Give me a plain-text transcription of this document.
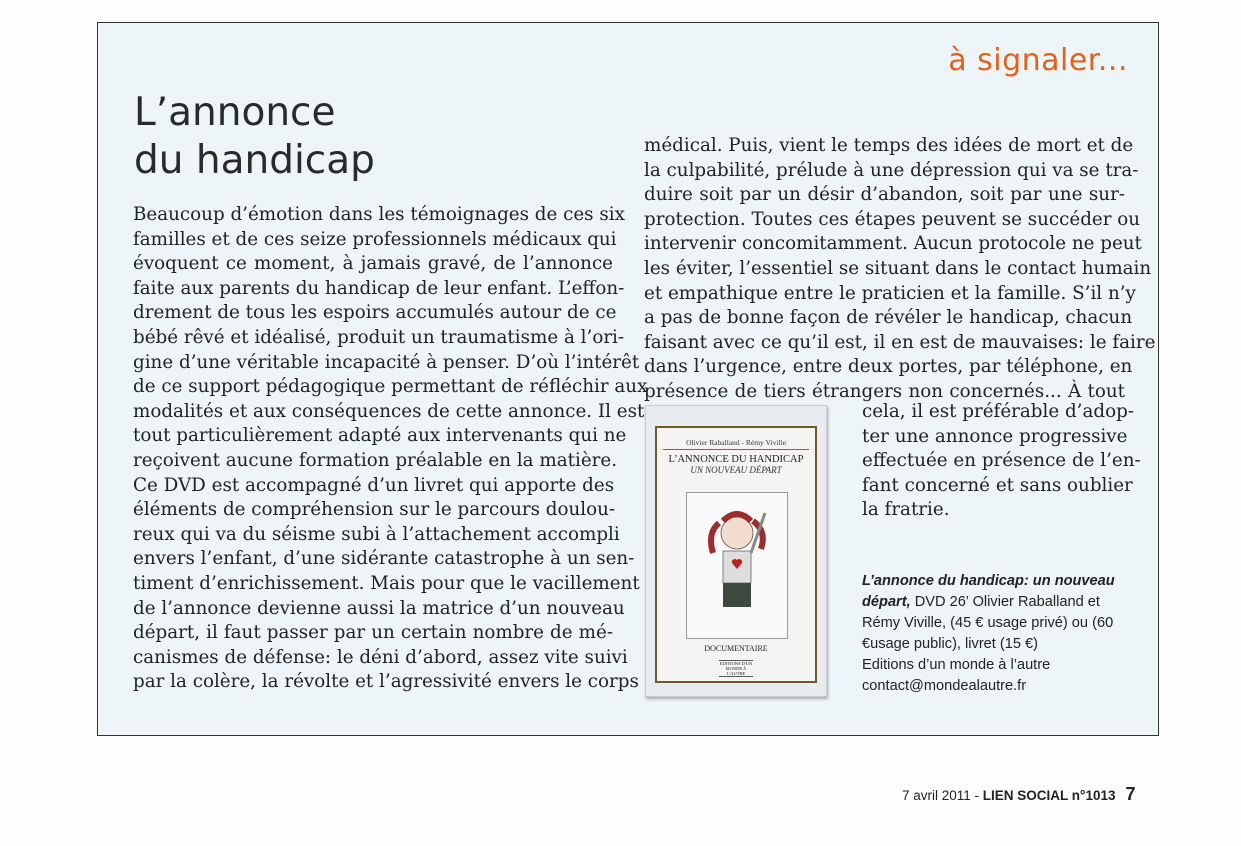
à signaler...
L’annonce
du handicap
Beaucoup d’émotion dans les témoignages de ces six
familles et de ces seize professionnels médicaux qui
évoquent ce moment, à jamais gravé, de l’annonce
faite aux parents du handicap de leur enfant. L’effon-
drement de tous les espoirs accumulés autour de ce
bébé rêvé et idéalisé, produit un traumatisme à l’ori-
gine d’une véritable incapacité à penser. D’où l’intérêt
de ce support pédagogique permettant de réfléchir aux
modalités et aux conséquences de cette annonce. Il est
tout particulièrement adapté aux intervenants qui ne
reçoivent aucune formation préalable en la matière.
Ce DVD est accompagné d’un livret qui apporte des
éléments de compréhension sur le parcours doulou-
reux qui va du séisme subi à l’attachement accompli
envers l’enfant, d’une sidérante catastrophe à un sen-
timent d’enrichissement. Mais pour que le vacillement
de l’annonce devienne aussi la matrice d’un nouveau
départ, il faut passer par un certain nombre de mé-
canismes de défense: le déni d’abord, assez vite suivi
par la colère, la révolte et l’agressivité envers le corps
médical. Puis, vient le temps des idées de mort et de
la culpabilité, prélude à une dépression qui va se tra-
duire soit par un désir d’abandon, soit par une sur-
protection. Toutes ces étapes peuvent se succéder ou
intervenir concomitamment. Aucun protocole ne peut
les éviter, l’essentiel se situant dans le contact humain
et empathique entre le praticien et la famille. S’il n’y
a pas de bonne façon de révéler le handicap, chacun
faisant avec ce qu’il est, il en est de mauvaises: le faire
dans l’urgence, entre deux portes, par téléphone, en
présence de tiers étrangers non concernés... À tout
cela, il est préférable d’adop-
ter une annonce progressive
effectuée en présence de l’en-
fant concerné et sans oublier
la fratrie.
Olivier Raballand - Rémy Viville
L’ANNONCE DU HANDICAP
UN NOUVEAU DÉPART
DOCUMENTAIRE
EDITIONS D'UN MONDE À L'AUTRE
L’annonce du handicap: un nouveau départ, DVD 26’ Olivier Raballand et Rémy Viville, (45 € usage privé) ou (60 €usage public), livret (15 €)
Editions d’un monde à l’autre
contact@mondealautre.fr
7 avril 2011 - LIEN SOCIAL n°1013 7
